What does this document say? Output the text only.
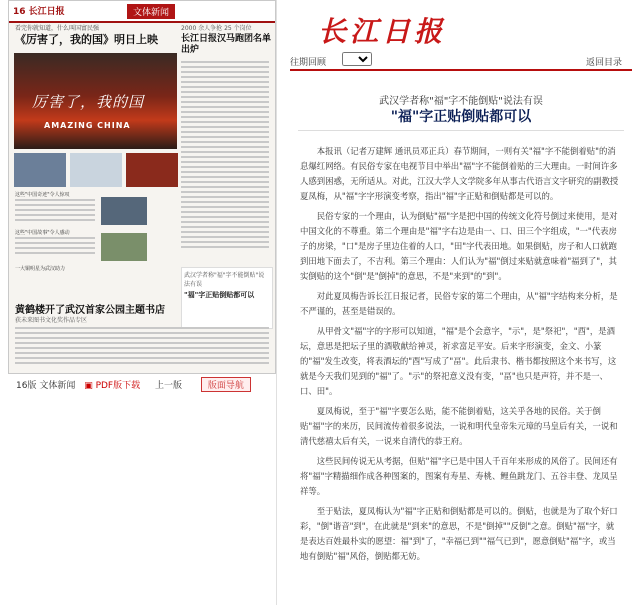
16 长江日报	文体新闻
看完你就知道，什么叫国富民强
《厉害了，我的国》明日上映
厉害了，我的国
AMAZING CHINA
这些"中国奇迹"令人惊叹
这些"中国故事"令人感动
一大铜明星为武汉助力
2000 余人争抢 25 个岗位
长江日报汉马跑团名单出炉
武汉学者称"福"字不能倒贴"说法有误
"福"字正贴倒贴都可以
黄鹤楼开了武汉首家公园主题书店
获未来图书文化奖作品专区
16版 文体新闻 ▣ PDF版下载 上一版	版面导航
长江日报
往期回顾	返回目录
武汉学者称"福"字不能倒贴"说法有误
"福"字正贴倒贴都可以

本报讯（记者万建辉 通讯员邓正兵）春节期间，一则有关"福"字不能倒着贴"的消息爆红网络。有民俗专家在电视节目中举出"福"字不能倒着贴的三大理由。一时间许多人感到困惑，无所适从。对此，江汉大学人文学院多年从事古代语言文字研究的副教授夏凤梅，从"福"字字形演变考察，指出"福"字正贴和倒贴都是可以的。

民俗专家的一个理由，认为倒贴"福"字是把中国的传统文化符号倒过来使用，是对中国文化的不尊重。第二个理由是"福"字右边是由一、口、田三个字组成，"一"代表房子的房梁，"口"是房子里边住着的人口，"田"字代表田地。如果倒贴，房子和人口就跑到田地下面去了，不吉利。第三个理由：人们认为"福"倒过来贴就意味着"福到了"，其实倒贴的这个"倒"是"倒掉"的意思，不是"来到"的"到"。

对此夏凤梅告诉长江日报记者，民俗专家的第二个理由，从"福"字结构来分析，是不严谨的，甚至是错误的。

从甲骨文"福"字的字形可以知道，"福"是个会意字，"示"，是"祭祀"，"酉"，是酒坛，意思是把坛子里的酒敬献给神灵，祈求富足平安。后来字形演变，金文、小篆的"福"发生改变，将表酒坛的"酉"写成了"畐"。此后隶书、楷书都按照这个来书写，这就是今天我们见到的"福"了。"示"的祭祀意义没有变，"畐"也只是声符，并不是一、口、田"。

夏凤梅说，至于"福"字要怎么贴，能不能倒着贴，这关乎各地的民俗。关于倒贴"福"字的来历，民间流传着很多说法，一说和明代皇帝朱元璋的马皇后有关，一说和清代慈禧太后有关，一说来自清代的恭王府。

这些民间传说无从考据，但贴"福"字已是中国人千百年来形成的风俗了。民间还有将"福"字精描细作成各种图案的，图案有寿星、寿桃、鲤鱼跳龙门、五谷丰登、龙凤呈祥等。

至于贴法，夏凤梅认为"福"字正贴和倒贴都是可以的。倒贴，也就是为了取个好口彩，"倒"谐音"到"，在此就是"到来"的意思，不是"倒掉""反倒"之意。倒贴"福"字，就是表达百姓最朴实的愿望：福"到"了，"幸福已到""福气已到"，愿意倒贴"福"字，或当地有倒贴"福"风俗，倒贴都无妨。
